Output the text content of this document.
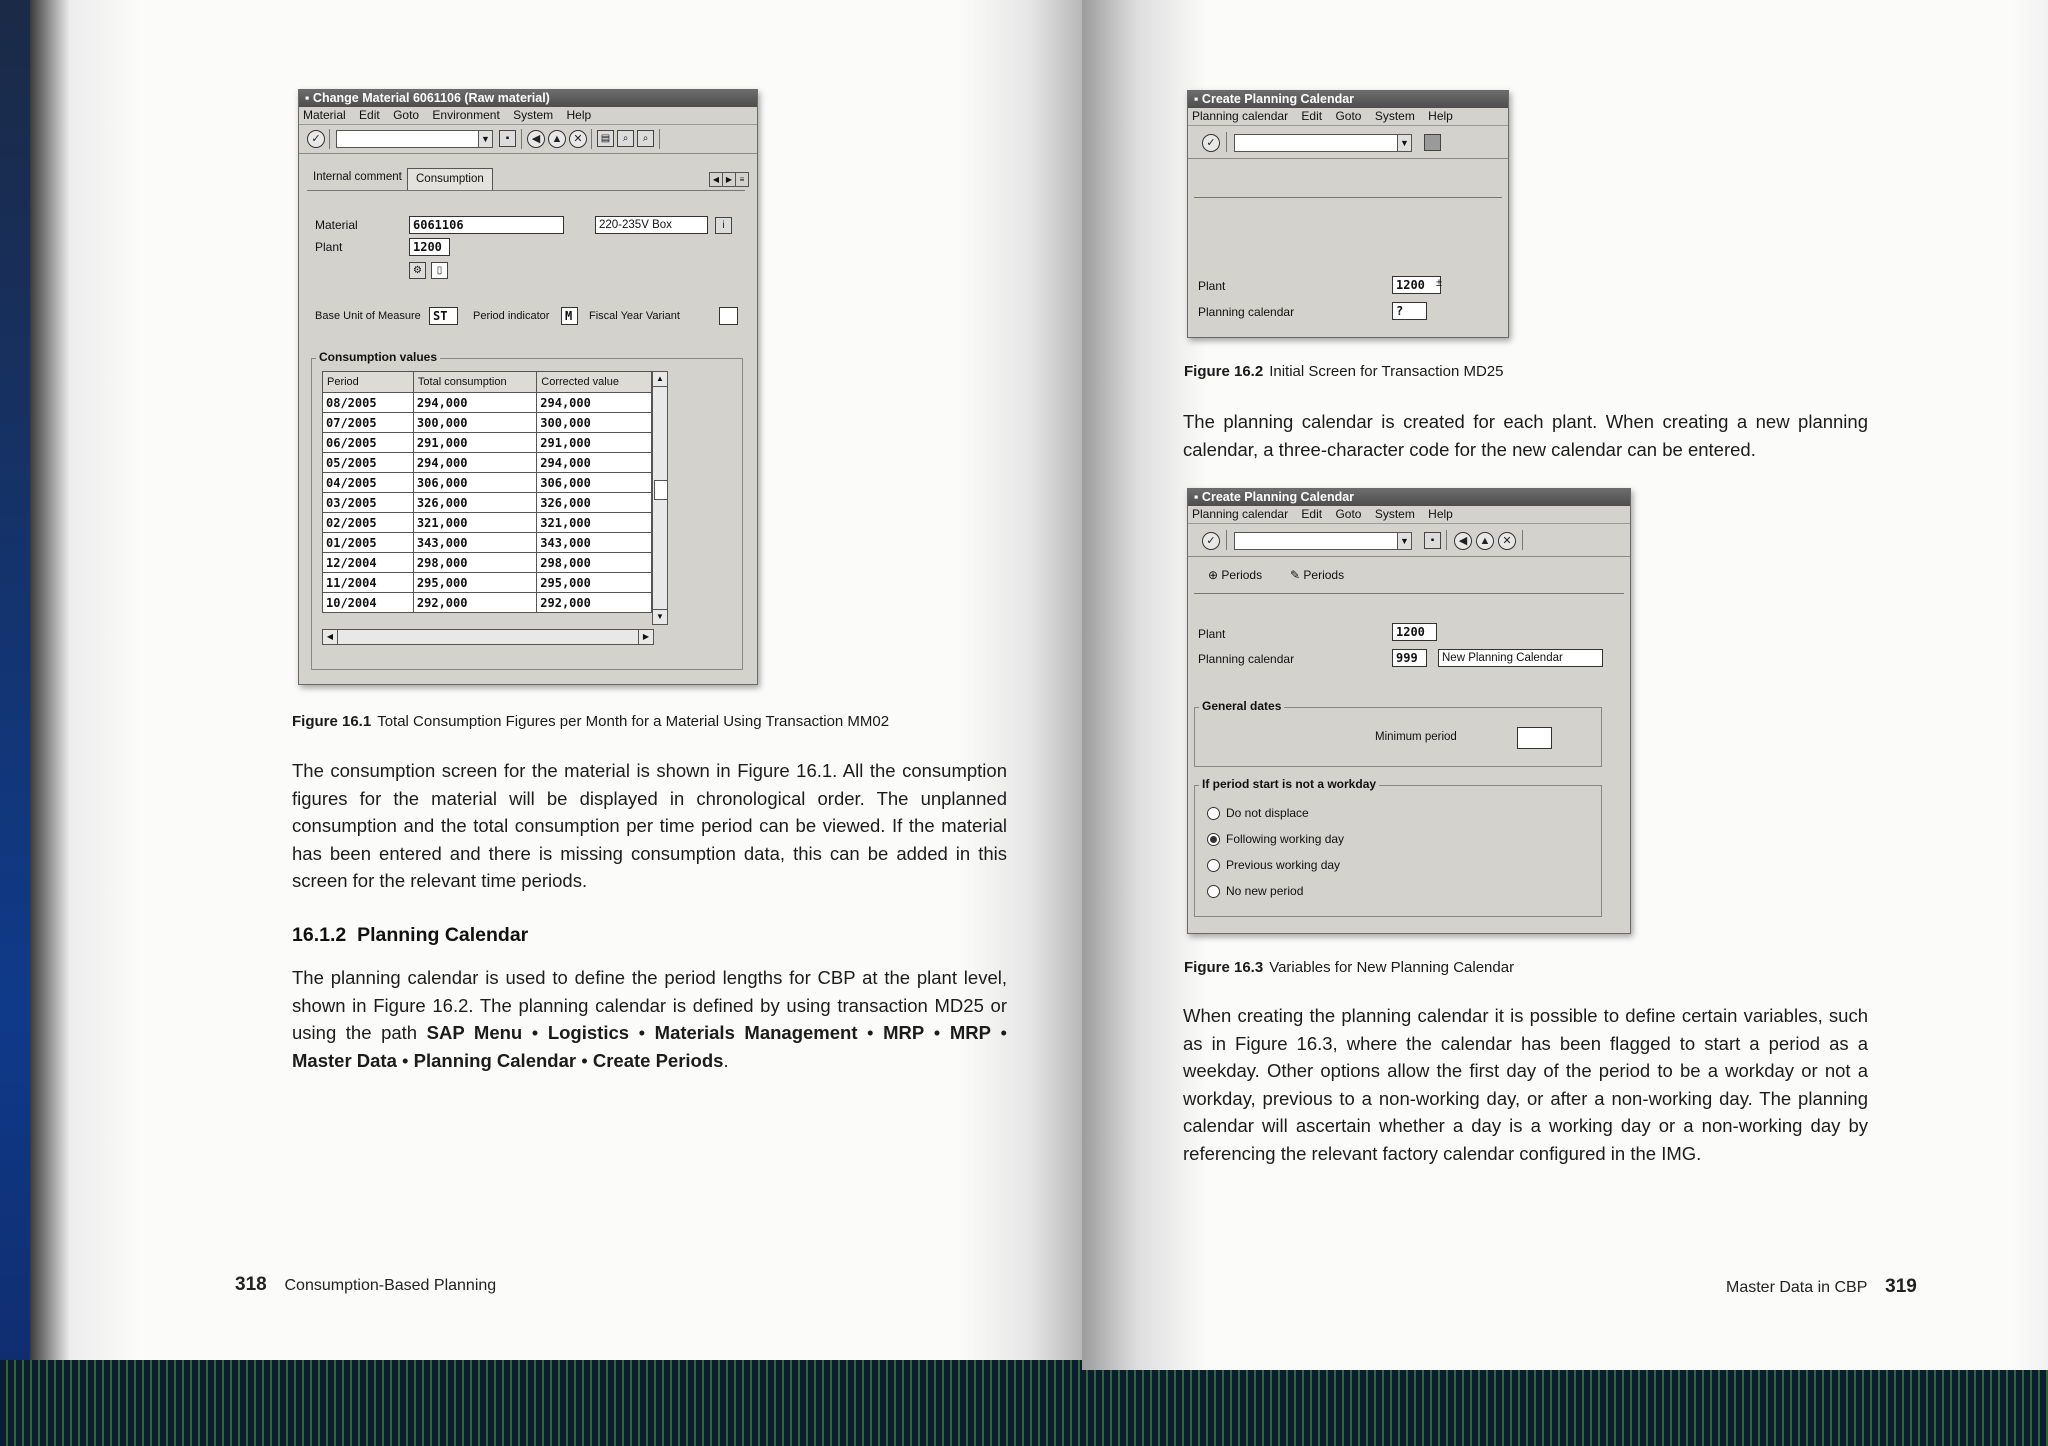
▪ Change Material 6061106 (Raw material)
Material Edit Goto Environment System Help
✓	▼	▪	◀	▲ ✕	▤	⌕	⌕
Internal comment	Consumption	◀ ▶ ≡
Material	6061106	220-235V Box	i
Plant	1200
⚙	▯
Base Unit of Measure	ST	Period indicator	M	Fiscal Year Variant
Consumption values
Period	Total consumption	Corrected value
08/2005	294,000	294,000
07/2005	300,000	300,000
06/2005	291,000	291,000
05/2005	294,000	294,000
04/2005	306,000	306,000
03/2005	326,000	326,000
02/2005	321,000	321,000
01/2005	343,000	343,000
12/2004	298,000	298,000
11/2004	295,000	295,000
10/2004	292,000	292,000
▲
▼
◀	▶
Figure 16.1 Total Consumption Figures per Month for a Material Using Transaction MM02
The consumption screen for the material is shown in Figure 16.1. All the consumption figures for the material will be displayed in chronological order. The unplanned consumption and the total consumption per time period can be viewed. If the material has been entered and there is missing consumption data, this can be added in this screen for the relevant time periods.
16.1.2 Planning Calendar
The planning calendar is used to define the period lengths for CBP at the plant level, shown in Figure 16.2. The planning calendar is defined by using transaction MD25 or using the path SAP Menu • Logistics • Materials Management • MRP • MRP • Master Data • Planning Calendar • Create Periods.
318 Consumption-Based Planning
▪ Create Planning Calendar
Planning calendar Edit Goto System Help
✓	▼
Plant	1200	±
Planning calendar	?
Figure 16.2 Initial Screen for Transaction MD25
The planning calendar is created for each plant. When creating a new planning calendar, a three-character code for the new calendar can be entered.
▪ Create Planning Calendar
Planning calendar Edit Goto System Help
✓	▼	▪	◀	▲	✕
⊕ Periods ✎ Periods
Plant	1200
Planning calendar	999	New Planning Calendar
General dates
Minimum period
If period start is not a workday
Do not displace
Following working day
Previous working day
No new period
Figure 16.3 Variables for New Planning Calendar
When creating the planning calendar it is possible to define certain variables, such as in Figure 16.3, where the calendar has been flagged to start a period as a weekday. Other options allow the first day of the period to be a workday or not a workday, previous to a non-working day, or after a non-working day. The planning calendar will ascertain whether a day is a working day or a non-working day by referencing the relevant factory calendar configured in the IMG.
Master Data in CBP 319
